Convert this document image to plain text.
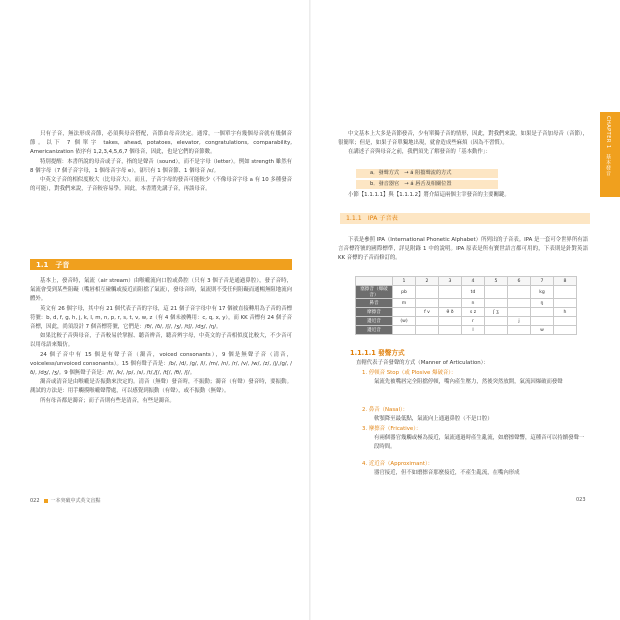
只有子音，無法形成音節，必須與母音搭配，音節由母音決定。通常，一個單字有幾個母音就有幾個音節。以下 7 個單字 takes, ahead, potatoes, elevator, congratulations, comparability, Americanization 依序有 1,2,3,4,5,6,7 個母音，因此，也是它們的音節數。

特別提醒：本書所說的母音或子音，指的是聲音（sound），而不是字母（letter）。例如 strength 雖然有 8 個字母（7 個子音字母，1 個母音字母 e），卻只有 1 個音節、1 個母音 /ɛ/。

中英文子音的相似度較大（比母音大）。而且，子音字母的發音可能較少（不像母音字母 a 有 10 多種發音的可能），對我們來說，子音較容易學。因此，本書將先講子音，再談母音。

1.1　子音

基本上，發音時，氣流（air stream）由喉嚨流向口腔或鼻腔（只有 3 個子音是通過鼻腔），發子音時，氣流會受到某些阻礙（嘴唇相互碰觸或接近而阻擋了氣流），發母音時，氣流則不受任何阻礙而通暢無阻地流向體外。

英文有 26 個字母，其中有 21 個代表子音的字母，這 21 個子音字母中有 17 個被直接轉用為子音的音標符號：b, d, f, g, h, j, k, l, m, n, p, r, s, t, v, w, z（有 4 個未被轉用：c, q, x, y），而 KK 音標有 24 個子音音標，因此，尚須設計 7 個音標符號，它們是：/θ/, /ð/, /ʃ/, /ʒ/, /tʃ/, /dʒ/, /ŋ/。

如果比較子音與母音，子音較易於掌握、聽音辨音，聽音辨字母，中英文的子音相似度比較大，不少音可以用母語來類仿。

24 個子音中有 15 個是有聲子音（濁音，voiced consonants），9 個是無聲子音（清音，voiceless/unvoiced consonants）。15 個有聲子音是：/b/, /d/, /g/, /l/, /m/, /n/, /r/, /v/, /w/, /z/, /j/,/g/, /ð/, /dʒ/, /ʒ/。9 個無聲子音是：/f/, /k/, /p/, /s/, /t/,/ʃ/, /tʃ/, /θ/, /ʃ/。

濁音或清音是由喉嚨是否振動來決定的。清音（無聲）發音時，不振動；濁音（有聲）發音時，要振動。測試的方法是：用手觸摸喉嚨聲帶處，可以感覺到振動（有聲），或不振動（無聲）。

所有母音都是濁音；而子音則有些是清音，有些是濁音。

022 一本突破中式英文盲點
CHAPTER 1　基本發音

中文基本上大多是音節發音，少有單獨子音的情形，因此，對我們來說，如果是子音加母音（音節），很簡單；但是，如果子音單獨地出現，就會造成些麻煩（因為不習慣）。

在講述子音與母音之前，我們須先了解發音的「基本動作」：

a．發聲方式　→ á 阻擋聲流的方式
b．發音器官　→ á 唇舌及相關位置

小節【1.1.1.1】與【1.1.1.2】將介紹這兩個主宰發音的主要關鍵。

1.1.1　IPA 子音表

下表是參照 IPA（International Phonetic Alphabet）所列出的子音表。IPA 是一套可令世界所有語言音標符號的國際標準，詳見附錄 1 中的說明。IPA 原表是所有寶世語言都可用的，下表則是針對英語 KK 音標的子音而修訂的。

	1	2	3	4	5	6	7	8
塞擦音（爆破音）	pb			td			kg	
鼻音	m			n			ŋ	
摩擦音		f v	θ ð	s z	ʃ ʒ			h
邊近音	(w)			r		j		
邊近音				l			w	
1.1.1.1 發聲方式

直轄代表子音發聲的方式（Manner of Articulation）：

1. 停頓音 Stop（或 Plosive 爆破音）：
氣流先被嘴唇完全阻擋停頓，嘴內產生壓力，然後突然放開，氣流因爆破而發聲
2. 鼻音（Nasal）：
軟顎降至最低點，氣流向上通過鼻腔（不是口腔）
3. 摩擦音（Fricative）：
有兩個器官幾觸或極為接近，氣流通過時產生亂流，如磨擦聲響，這種音可以持續發聲一段時間。
4. 近近音（Approximant）：
器官接近，但不如磨擦音那麼接近，不產生亂流，在嘴內形成
023
